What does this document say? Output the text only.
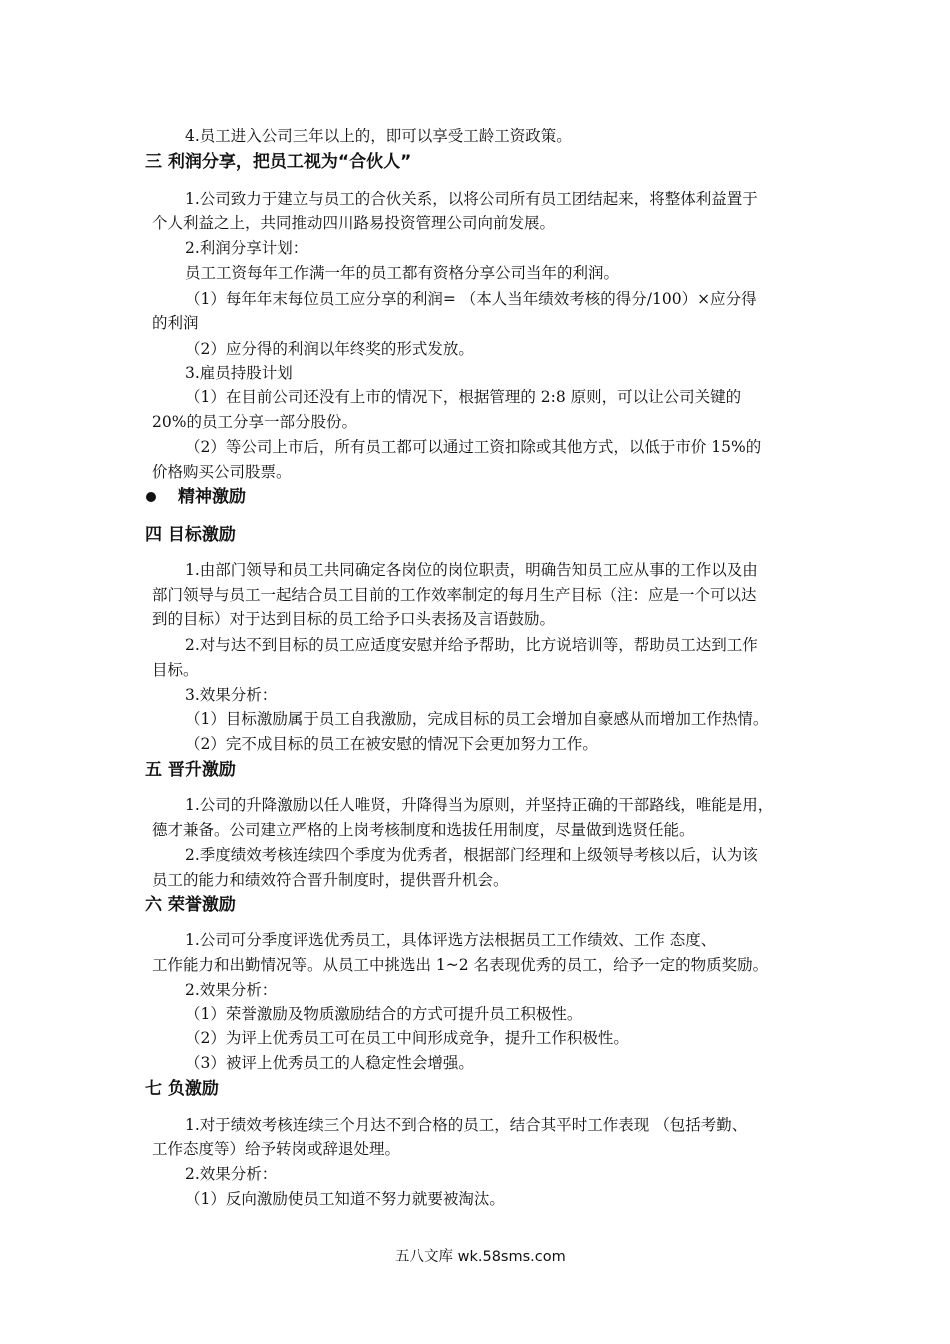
4.员工进入公司三年以上的，即可以享受工龄工资政策。
三 利润分享，把员工视为“合伙人”
1.公司致力于建立与员工的合伙关系，以将公司所有员工团结起来，将整体利益置于
个人利益之上，共同推动四川路易投资管理公司向前发展。
2.利润分享计划：
员工工资每年工作满一年的员工都有资格分享公司当年的利润。
（1）每年年末每位员工应分享的利润= （本人当年绩效考核的得分/100）×应分得
的利润
（2）应分得的利润以年终奖的形式发放。
3.雇员持股计划
（1）在目前公司还没有上市的情况下，根据管理的 2:8 原则，可以让公司关键的
20%的员工分享一部分股份。
（2）等公司上市后，所有员工都可以通过工资扣除或其他方式，以低于市价 15%的
价格购买公司股票。
精神激励
四 目标激励
1.由部门领导和员工共同确定各岗位的岗位职责，明确告知员工应从事的工作以及由
部门领导与员工一起结合员工目前的工作效率制定的每月生产目标（注：应是一个可以达
到的目标）对于达到目标的员工给予口头表扬及言语鼓励。
2.对与达不到目标的员工应适度安慰并给予帮助，比方说培训等，帮助员工达到工作
目标。
3.效果分析：
（1）目标激励属于员工自我激励，完成目标的员工会增加自豪感从而增加工作热情。
（2）完不成目标的员工在被安慰的情况下会更加努力工作。
五 晋升激励
1.公司的升降激励以任人唯贤，升降得当为原则，并坚持正确的干部路线，唯能是用，
德才兼备。公司建立严格的上岗考核制度和选拔任用制度，尽量做到选贤任能。
2.季度绩效考核连续四个季度为优秀者，根据部门经理和上级领导考核以后，认为该
员工的能力和绩效符合晋升制度时，提供晋升机会。
六 荣誉激励
1.公司可分季度评选优秀员工，具体评选方法根据员工工作绩效、工作 态度、
工作能力和出勤情况等。从员工中挑选出 1~2 名表现优秀的员工，给予一定的物质奖励。
2.效果分析：
（1）荣誉激励及物质激励结合的方式可提升员工积极性。
（2）为评上优秀员工可在员工中间形成竞争，提升工作积极性。
（3）被评上优秀员工的人稳定性会增强。
七 负激励
1.对于绩效考核连续三个月达不到合格的员工，结合其平时工作表现 （包括考勤、
工作态度等）给予转岗或辞退处理。
2.效果分析：
（1）反向激励使员工知道不努力就要被淘汰。
五八文库 wk.58sms.com
